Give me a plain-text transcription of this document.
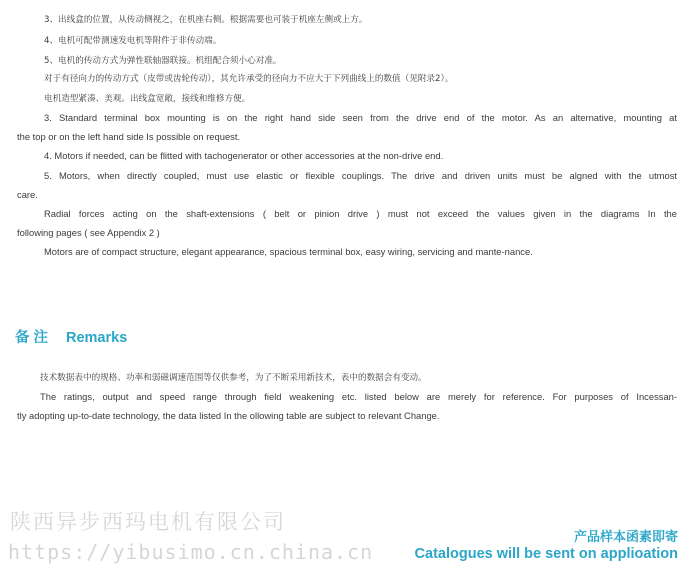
3、出线盒的位置，从传动侧视之，在机座右侧。根据需要也可装于机座左侧或上方。
4、电机可配带测速发电机等附件于非传动端。
5、电机的传动方式为弹性联轴器联接。机组配合须小心对准。
对于有径向力的传动方式（皮带或齿轮传动），其允许承受的径向力不应大于下列曲线上的数值（见附录2）。
电机造型紧凑、美观。出线盒宽敞，接线和维修方便。
3. Standard terminal box mounting is on the right hand side seen from the drive end of the motor. As an alternative, mounting at
the top or on the left hand side Is possible on request.
4. Motors if needed, can be flitted with tachogenerator or other accessories at the non-drive end.
5. Motors, when directly coupled, must use elastic or flexible couplings. The drive and driven units must be algned with the utmost
care.
Radial forces acting on the shaft-extensions ( belt or pinion drive ) must not exceed the values given in the diagrams In the
following pages ( see Appendix 2 )
Motors are of compact structure, elegant appearance, spacious terminal box, easy wiring, servicing and mante-nance.
备注 Remarks
技术数据表中的规格、功率和弱磁调速范围等仅供参考，为了不断采用新技术，表中的数据会有变动。
The ratings, output and speed range through field weakening etc. listed below are merely for reference. For purposes of Incessan-
tly adopting up-to-date technology, the data listed In the ollowing table are subject to relevant Change.
陕西异步西玛电机有限公司
https://yibusimo.cn.china.cn
产品样本函素即寄
Catalogues will be sent on applioation
